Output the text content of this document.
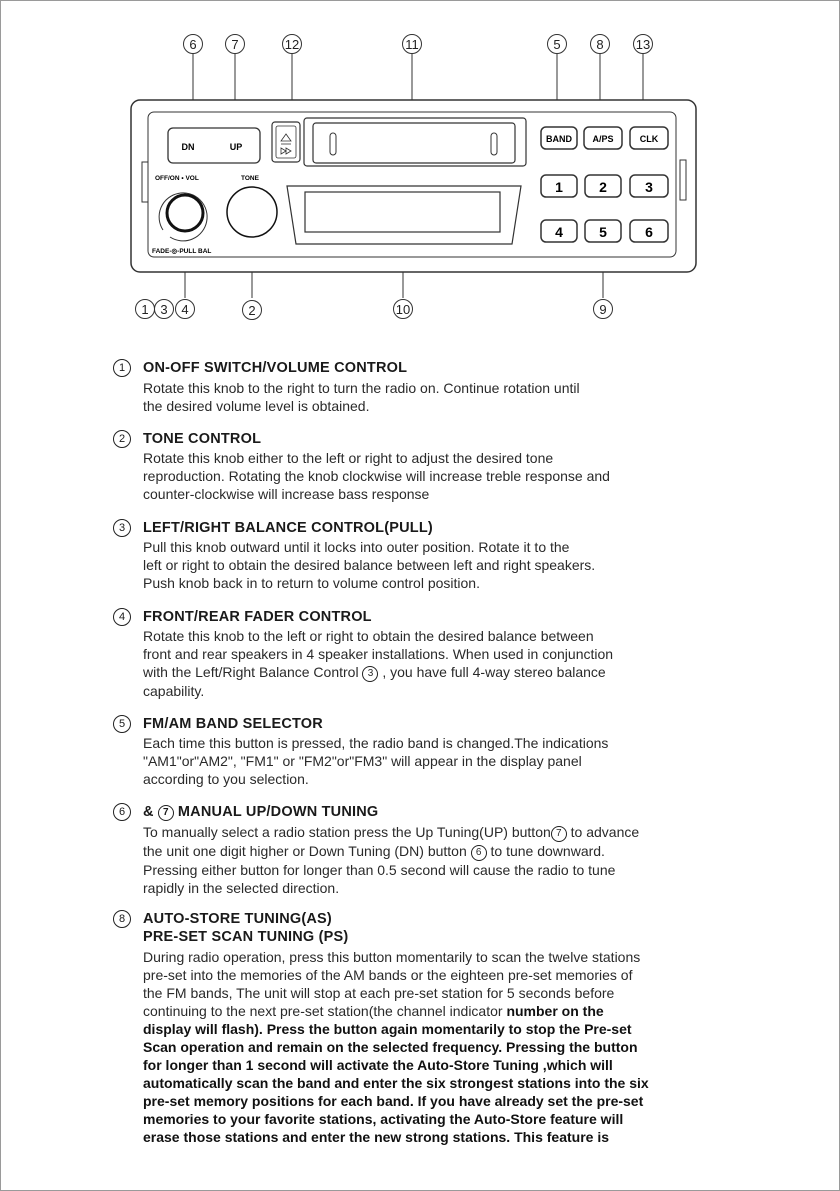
6	7	12	11	5	8 13
1 3 4	2	10	9
DN	UP
BAND A/PS	CLK
OFF/ON • VOL	TONE
FADE-◎-PULL BAL
1	2	3
4	5	6
1	ON-OFF SWITCH/VOLUME CONTROL
Rotate this knob to the right to turn the radio on. Continue rotation until
the desired volume level is obtained.
2	TONE CONTROL
Rotate this knob either to the left or right to adjust the desired tone
reproduction. Rotating the knob clockwise will increase treble response and
counter-clockwise will increase bass response
3	LEFT/RIGHT BALANCE CONTROL(PULL)
Pull this knob outward until it locks into outer position. Rotate it to the
left or right to obtain the desired balance between left and right speakers.
Push knob back in to return to volume control position.
4	FRONT/REAR FADER CONTROL
Rotate this knob to the left or right to obtain the desired balance between
front and rear speakers in 4 speaker installations. When used in conjunction
with the Left/Right Balance Control 3 , you have full 4-way stereo balance
capability.
5	FM/AM BAND SELECTOR
Each time this button is pressed, the radio band is changed.The indications
"AM1"or"AM2", "FM1" or "FM2"or"FM3" will appear in the display panel
according to you selection.
6	& 7 MANUAL UP/DOWN TUNING
To manually select a radio station press the Up Tuning(UP) button 7 to advance
the unit one digit higher or Down Tuning (DN) button 6 to tune downward.
Pressing either button for longer than 0.5 second will cause the radio to tune
rapidly in the selected direction.
8	AUTO-STORE TUNING(AS)
PRE-SET SCAN TUNING (PS)
During radio operation, press this button momentarily to scan the twelve stations
pre-set into the memories of the AM bands or the eighteen pre-set memories of
the FM bands, The unit will stop at each pre-set station for 5 seconds before
continuing to the next pre-set station(the channel indicator number on the
display will flash). Press the button again momentarily to stop the Pre-set
Scan operation and remain on the selected frequency. Pressing the button
for longer than 1 second will activate the Auto-Store Tuning ,which will
automatically scan the band and enter the six strongest stations into the six
pre-set memory positions for each band. If you have already set the pre-set
memories to your favorite stations, activating the Auto-Store feature will
erase those stations and enter the new strong stations. This feature is
